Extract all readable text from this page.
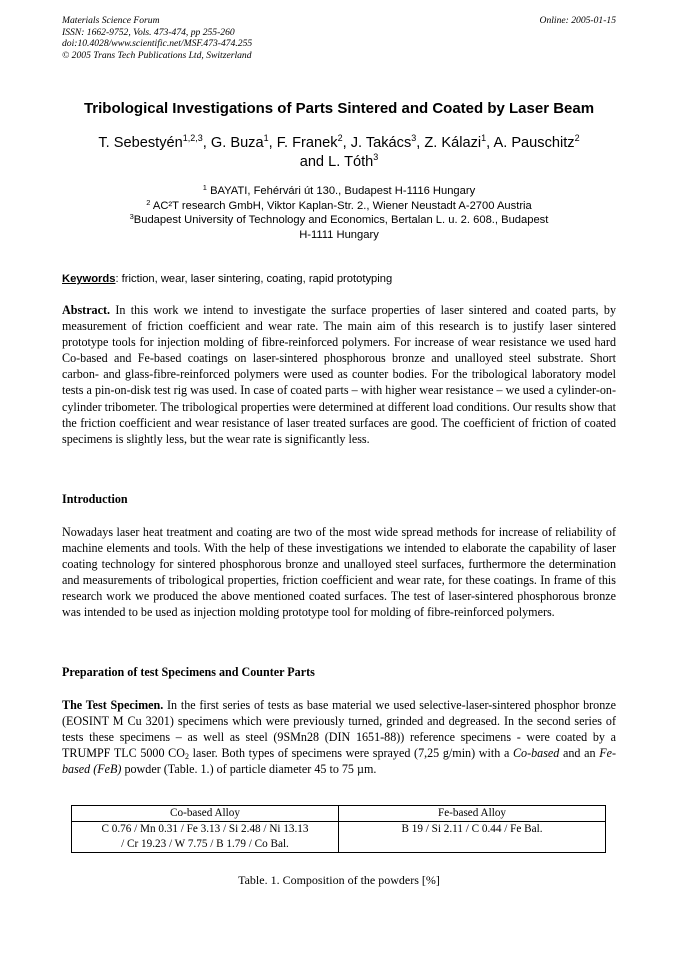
Materials Science Forum
ISSN: 1662-9752, Vols. 473-474, pp 255-260
doi:10.4028/www.scientific.net/MSF.473-474.255
© 2005 Trans Tech Publications Ltd, Switzerland
Online: 2005-01-15
Tribological Investigations of Parts Sintered and Coated by Laser Beam
T. Sebestyén$^{1,2,3}$, G. Buza$^1$, F. Franek$^2$, J. Takács$^3$, Z. Kálazi$^1$, A. Pauschitz$^2$
and L. Tóth$^3$
$^1$ BAYATI, Fehérvári út 130., Budapest H-1116 Hungary
$^2$ AC²T research GmbH, Viktor Kaplan-Str. 2., Wiener Neustadt A-2700 Austria
$^3$Budapest University of Technology and Economics, Bertalan L. u. 2. 608., Budapest
H-1111 Hungary
Keywords: friction, wear, laser sintering, coating, rapid prototyping
Abstract. In this work we intend to investigate the surface properties of laser sintered and coated parts, by measurement of friction coefficient and wear rate. The main aim of this research is to justify laser sintered prototype tools for injection molding of fibre-reinforced polymers. For increase of wear resistance we used hard Co-based and Fe-based coatings on laser-sintered phosphorous bronze and unalloyed steel substrate. Short carbon- and glass-fibre-reinforced polymers were used as counter bodies. For the tribological laboratory model tests a pin-on-disk test rig was used. In case of coated parts – with higher wear resistance – we used a cylinder-on-cylinder tribometer. The tribological properties were determined at different load conditions. Our results show that the friction coefficient and wear resistance of laser treated surfaces are good. The coefficient of friction of coated specimens is slightly less, but the wear rate is significantly less.
Introduction
Nowadays laser heat treatment and coating are two of the most wide spread methods for increase of reliability of machine elements and tools. With the help of these investigations we intended to elaborate the capability of laser coating technology for sintered phosphorous bronze and unalloyed steel surfaces, furthermore the determination and measurements of tribological properties, friction coefficient and wear rate, for these coatings. In frame of this research work we produced the above mentioned coated surfaces. The test of laser-sintered phosphorous bronze was intended to be used as injection molding prototype tool for molding of fibre-reinforced polymers.
Preparation of test Specimens and Counter Parts
The Test Specimen. In the first series of tests as base material we used selective-laser-sintered phosphor bronze (EOSINT M Cu 3201) specimens which were previously turned, grinded and degreased. In the second series of tests these specimens – as well as steel (9SMn28 (DIN 1651-88)) reference specimens - were coated by a TRUMPF TLC 5000 $CO_2$ laser. Both types of specimens were sprayed (7,25 g/min) with a Co-based and an Fe-based (FeB) powder (Table. 1.) of particle diameter 45 to 75 µm.
Co-based Alloy	Fe-based Alloy

C 0.76 / Mn 0.31 / Fe 3.13 / Si 2.48 / Ni 13.13
/ Cr 19.23 / W 7.75 / B 1.79 / Co Bal.	B 19 / Si 2.11 / C 0.44 / Fe Bal.
Table. 1. Composition of the powders [%]
